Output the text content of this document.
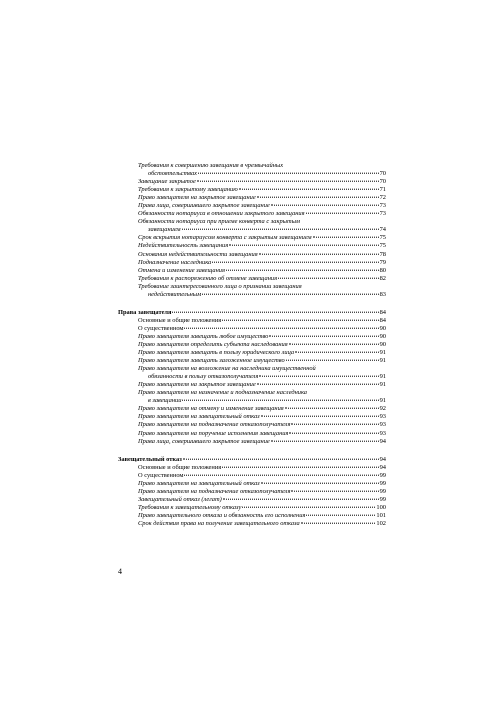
Требования к совершению завещания в чрезвычайных
обстоятельствах	70
Завещание закрытое	70
Требования к закрытому завещанию	71
Право завещателя на закрытое завещание	72
Права лица, совершившего закрытое завещание	73
Обязанности нотариуса в отношении закрытого завещания	73
Обязанности нотариуса при приеме конверта с закрытым
завещанием	74
Срок вскрытия нотариусом конверта с закрытым завещанием	75
Недействительность завещания	75
Основания недействительности завещания	78
Подназначение наследника	79
Отмена и изменение завещания	80
Требования к распоряжению об отмене завещания	82
Требование заинтересованного лица о признании завещания
недействительным	83
Права завещателя	84
Основные и общие положения	84
О существенном	90
Право завещателя завещать любое имущество	90
Право завещателя определить субъекта наследования	90
Право завещателя завещать в пользу юридического лица	91
Право завещателя завещать заложенное имущество	91
Право завещателя на возложение на наследника имущественной
обязанности в пользу отказополучателя	91
Право завещателя на закрытое завещание	91
Право завещателя на назначение и подназначение наследника
в завещании	91
Право завещателя на отмену и изменение завещания	92
Право завещателя на завещательный отказ	93
Право завещателя на подназначение отказополучателя	93
Право завещателя на поручение исполнения завещания	93
Права лица, совершившего закрытое завещание	94
Завещательный отказ	94
Основные и общие положения	94
О существенном	99
Право завещателя на завещательный отказ	99
Право завещателя на подназначение отказополучателя	99
Завещательный отказ (легат)	99
Требования к завещательному отказу	100
Право завещательного отказа и обязанность его исполнения	101
Срок действия права на получение завещательного отказа	102
4
